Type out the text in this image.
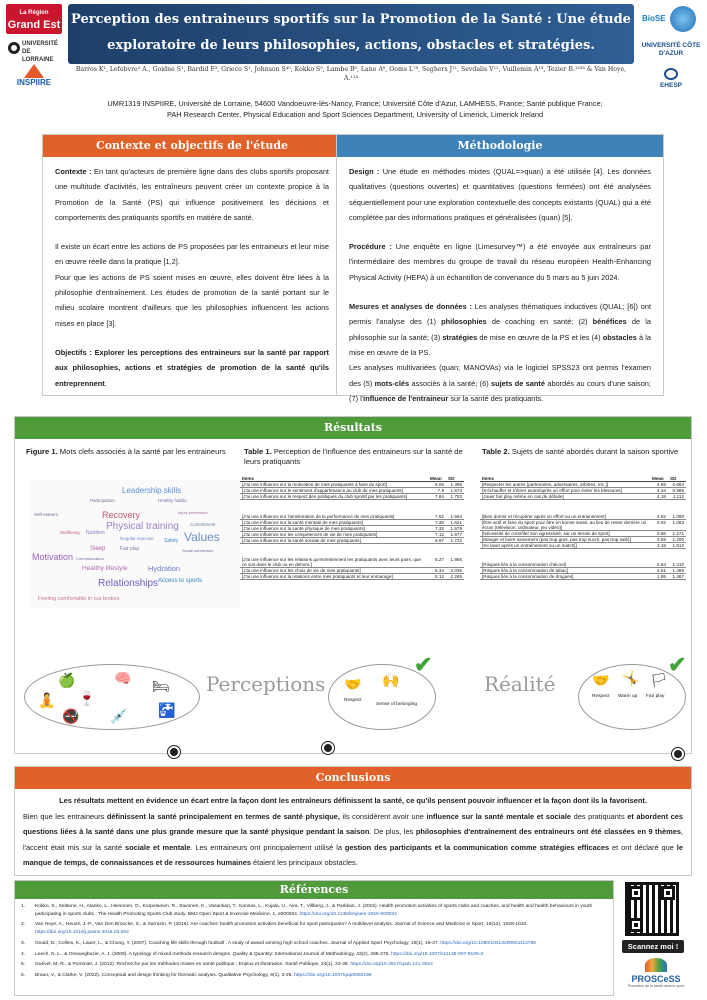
La Région
Grand Est
UNIVERSITÉ DE LORRAINE
INSPIIRE
Perception des entraineurs sportifs sur la Promotion de la Santé : Une étude
exploratoire de leurs philosophies, actions, obstacles et stratégies.
Barros K¹, Lefebvre² A., Goidne S¹, Bardid F³, Grieco S¹, Johnson S⁴⁵, Kokko S⁵, Lambe B⁶, Lane A⁶, Ooms L⁷⁸, Seghers J¹¹, Sevdalis V¹², Vuillemin A¹³, Tezier B.¹²³³ & Van Hoye, A.¹¹⁴
BioSE
UNIVERSITÉ CÔTE D'AZUR
EHESP
UMR1319 INSPIIRE, Université de Lorraine, 54600 Vandoeuvre-lès-Nancy, France; Université Côte d'Azur, LAMHESS, France; Santé publique France;
PAH Research Center, Physical Education and Sport Sciences Department, University of Limerick, Limerick Ireland
Contexte et objectifs de l'étude

Contexte : En tant qu'acteurs de première ligne dans des clubs sportifs proposant une multitude d'activités, les entraîneurs peuvent créer un contexte propice à la Promotion de la Santé (PS) qui influence positivement les décisions et comportements des pratiquants sportifs en matière de santé.

Il existe un écart entre les actions de PS proposées par les entraineurs et leur mise en œuvre réelle dans la pratique [1,2].

Pour que les actions de PS soient mises en œuvre, elles doivent être liées à la philosophie d'entraînement. Les études de promotion de la santé portant sur le milieu scolaire montrent d'ailleurs que les philosophies influencent les actions mises en place [3].

Objectifs : Explorer les perceptions des entraineurs sur la santé par rapport aux philosophies, actions et stratégies de promotion de la santé qu'ils entreprennent.

Méthodologie

Design : Une étude en méthodes mixtes (QUAL=>quan) a été utilisée [4]. Les données qualitatives (questions ouvertes) et quantitatives (questions fermées) ont été analysées séquentiellement pour une exploration contextuelle des concepts existants (QUAL) qui a été complétée par des informations pratiques et généralisées (quan) [5].

Procédure : Une enquête en ligne (Limesurvey™) a été envoyée aux entraîneurs par l'intermédiaire des membres du groupe de travail du réseau européen Health-Enhancing Physical Activity (HEPA) à un échantillon de convenance du 5 mars au 5 juin 2024.

Mesures et analyses de données : Les analyses thématiques inductives (QUAL; [6]) ont permis l'analyse des (1) philosophies de coaching en santé; (2) bénéfices de la philosophie sur la santé; (3) stratégies de mise en œuvre de la PS et les (4) obstacles à la mise en œuvre de la PS.

Les analyses multivariées (quan; MANOVAs) via le logiciel SPSS23 ont permis l'examen des (5) mots-clés associés à la santé; (6) sujets de santé abordés au cours d'une saison; (7) l'influence de l'entraineur sur la santé des pratiquants.

Résultats
Figure 1. Mots clefs associés à la santé par les entraineurs	Table 1. Perception de l'influence des entraineurs sur la santé de leurs pratiquants
Table 2. Sujets de santé abordés durant la saison sportive
Leadership skills
Participation
Physical training
Values
Recovery
Motivation
Relationships Access to sports
Feeling comfortable in our bodies
Healthy lifestyle	Hydration
Commitment
Safety
Wellbeing Nutrition
Sleep
Self-esteem
Fair play
Injury prevention
Communication
Social connection
Regular exercise
Healthy habits
Items	Mean	SD
[J'ai une influence sur la motivation de mes pratiquants à faire du sport]	8.06	1.395
[J'ai une influence sur le sentiment d'appartenance au club de mes pratiquants]	7.9	1.574
[J'ai une influence sur le respect des politiques du club sportif par les pratiquants]	7.84	1.753

[J'ai une influence sur l'amelioration de la performance de mes pratiquants]	7.52	1.564
[J'ai une influence sur la santé mentale de mes pratiquants]	7.38	1.621
[J'ai une influence sur la santé physique de mes pratiquants]	7.32	1.579
[J'ai une influence sur les compétences de vie de mes pratiquants]	7.12	1.677
[J'ai une influence sur la santé sociale de mes pratiquants]	6.97	1.722

[J'ai une influence sur les relations qu'entretiennent les pratiquants avec leurs pairs, que ce soit dans le club ou en dehors.]	6.27	1.956
[J'ai une influence sur les choix de vie de mes pratiquants]	5.34	2.035
[J'ai une influence sur la relations entre mes pratiquants et leur entourage]	5.12	2.265
Items	Mean	SD
[Respecter les autres (partenaires, adversaires, arbitres, etc.)]	4.69	0.664
[S'échauffer et s'étirer avant/après un effort pour éviter les blessures]	4.34	0.986
[Jouer fair play même en cas de défaite]	4.18	1.112

[Bien dormir et récupérer après un effort ou un entrainement]	4.02	1.090
[Être actif et faire du sport pour être en bonne santé, au lieu de rester derrière un écran (télévision, ordinateur, jeu vidéo)]	3.92	1.083
[Nécessité de contrôler son agressivité, sur un terrain de sport]	3.66	1.271
[Manger et boire sainement (pas trop gras, pas trop sucré, pas trop salé)]	3.59	1.200
[Se laver après un entraînement ou un match]]	3.18	1.512

[Risques liés à la consommation d'alcool]	2.64	1.410
[Risques liés à la consommation de tabac]	2.51	1.486
[Risques liés à la consommation de drogues]	1.95	1.367
🍏	🧠
🧘 🍷
🛏
🚭 💉 🚰
Perceptions
✔
🤝 🙌
Respect
Sense of belonging
Réalité
✔
🤝 🤸 🏳
Respect Warm up Fair play
Conclusions
Les résultats mettent en évidence un écart entre la façon dont les entraîneurs définissent la santé, ce qu'ils pensent pouvoir influencer et la façon dont ils la favorisent.
Bien que les entraineurs définissent la santé principalement en termes de santé physique, ils considèrent avoir une influence sur la santé mentale et sociale des pratiquants et abordent ces questions liées à la santé dans une plus grande mesure que la santé physique pendant la saison. De plus, les philosophies d'entraînement des entraîneurs ont été classées en 9 thèmes, l'accent était mis sur la santé sociale et mentale. Les entraineurs ont principalement utilisé la gestion des participants et la communication comme stratégies efficaces et ont déclaré que le manque de temps, de connaissances et de ressources humaines étaient les principaux obstacles.
Références
1. Kokko, S., Selänne, H., Alanko, L., Heinonen, O., Korpelainen, R., Savonen, K., Vasankari, T., Kannas, L., Kujala, U., Aira, T., Villberg, J., & Parkkari, J. (2015). Health promotion activities of sports clubs and coaches, and health and health behaviours in youth participating in sports clubs : The Health Promoting Sports Club study. BMJ Open Sport & Exercise Medicine, 1, e000034. https://doi.org/10.1136/bmjsem-2015-000034
2. Van Hoye, A., Heuzé, J.-P., Van Den Broucke, S., & Sarrazin, P. (2016). Are coaches' health promotion activities beneficial for sport participants? A multilevel analysis. Journal of Science and Medicine in Sport, 19(12), 1028-1032. https://doi.org/10.1016/j.jsams.2016.03.002
3. Gould, D., Collins, K., Lauer, L., & Chung, Y. (2007). Coaching life skills through football : A study of award winning high school coaches. Journal of Applied Sport Psychology, 19(1), 16-37. https://doi.org/10.1080/10413200601113786
4. Leech, N. L., & Onwuegbuzie, A. J. (2009). A typology of mixed methods research designs. Quality & Quantity: International Journal of Methodology, 43(2), 265-275. https://doi.org/10.1007/s11135-007-9105-3
5. Guével, M.-R., & Pommier, J. (2012). Recherche par les méthodes mixtes en santé publique : Enjeux et illustration. Santé Publique, 24(1), 23-38. https://doi.org/10.3917/spub.121.0023
6. Braun, V., & Clarke, V. (2022). Conceptual and design thinking for thematic analysis. Qualitative Psychology, 9(1), 3-26. https://doi.org/10.1037/qup0000196
Scannez moi !
PROSCeSS
Promotion de la santé dans le sport
